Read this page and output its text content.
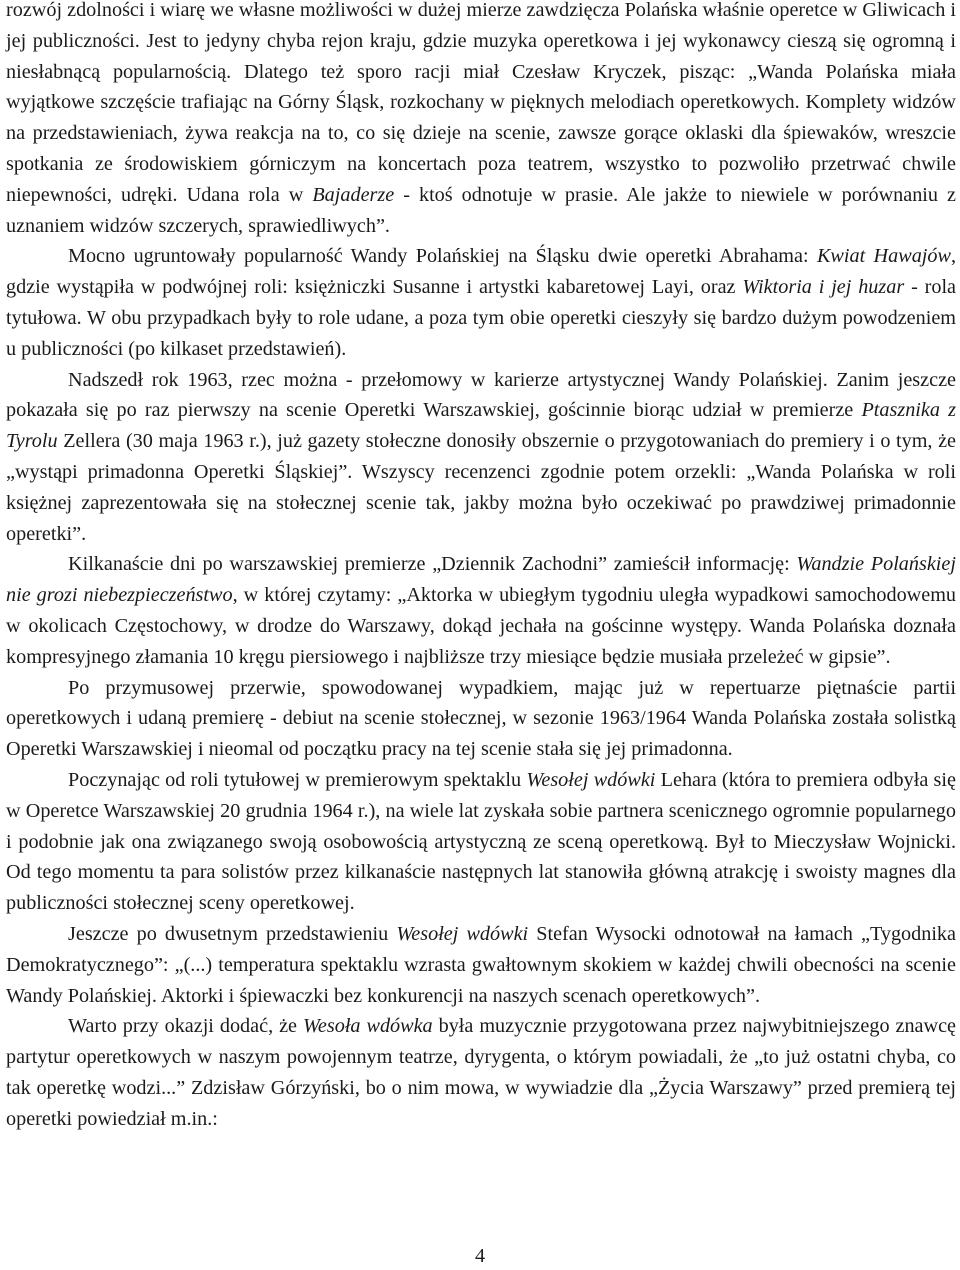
rozwój zdolności i wiarę we własne możliwości w dużej mierze zawdzięcza Polańska właśnie operetce w Gliwicach i jej publiczności. Jest to jedyny chyba rejon kraju, gdzie muzyka operetkowa i jej wykonawcy cieszą się ogromną i niesłabnącą popularnością. Dlatego też sporo racji miał Czesław Kryczek, pisząc: „Wanda Polańska miała wyjątkowe szczęście trafiając na Górny Śląsk, rozkochany w pięknych melodiach operetkowych. Komplety widzów na przedstawieniach, żywa reakcja na to, co się dzieje na scenie, zawsze gorące oklaski dla śpiewaków, wreszcie spotkania ze środowiskiem górniczym na koncertach poza teatrem, wszystko to pozwoliło przetrwać chwile niepewności, udręki. Udana rola w Bajaderze - ktoś odnotuje w prasie. Ale jakże to niewiele w porównaniu z uznaniem widzów szczerych, sprawiedliwych”.

Mocno ugruntowały popularność Wandy Polańskiej na Śląsku dwie operetki Abrahama: Kwiat Hawajów, gdzie wystąpiła w podwójnej roli: księżniczki Susanne i artystki kabaretowej Layi, oraz Wiktoria i jej huzar - rola tytułowa. W obu przypadkach były to role udane, a poza tym obie operetki cieszyły się bardzo dużym powodzeniem u publiczności (po kilkaset przedstawień).

Nadszedł rok 1963, rzec można - przełomowy w karierze artystycznej Wandy Polańskiej. Zanim jeszcze pokazała się po raz pierwszy na scenie Operetki Warszawskiej, gościnnie biorąc udział w premierze Ptasznika z Tyrolu Zellera (30 maja 1963 r.), już gazety stołeczne donosiły obszernie o przygotowaniach do premiery i o tym, że „wystąpi primadonna Operetki Śląskiej”. Wszyscy recenzenci zgodnie potem orzekli: „Wanda Polańska w roli księżnej zaprezentowała się na stołecznej scenie tak, jakby można było oczekiwać po prawdziwej primadonnie operetki”.

Kilkanaście dni po warszawskiej premierze „Dziennik Zachodni” zamieścił informację: Wandzie Polańskiej nie grozi niebezpieczeństwo, w której czytamy: „Aktorka w ubiegłym tygodniu uległa wypadkowi samochodowemu w okolicach Częstochowy, w drodze do Warszawy, dokąd jechała na gościnne występy. Wanda Polańska doznała kompresyjnego złamania 10 kręgu piersiowego i najbliższe trzy miesiące będzie musiała przeleżeć w gipsie”.

Po przymusowej przerwie, spowodowanej wypadkiem, mając już w repertuarze piętnaście partii operetkowych i udaną premierę - debiut na scenie stołecznej, w sezonie 1963/1964 Wanda Polańska została solistką Operetki Warszawskiej i nieomal od początku pracy na tej scenie stała się jej primadonna.

Poczynając od roli tytułowej w premierowym spektaklu Wesołej wdówki Lehara (która to premiera odbyła się w Operetce Warszawskiej 20 grudnia 1964 r.), na wiele lat zyskała sobie partnera scenicznego ogromnie popularnego i podobnie jak ona związanego swoją osobowością artystyczną ze sceną operetkową. Był to Mieczysław Wojnicki. Od tego momentu ta para solistów przez kilkanaście następnych lat stanowiła główną atrakcję i swoisty magnes dla publiczności stołecznej sceny operetkowej.

Jeszcze po dwusetnym przedstawieniu Wesołej wdówki Stefan Wysocki odnotował na łamach „Tygodnika Demokratycznego”: „(...) temperatura spektaklu wzrasta gwałtownym skokiem w każdej chwili obecności na scenie Wandy Polańskiej. Aktorki i śpiewaczki bez konkurencji na naszych scenach operetkowych”.

Warto przy okazji dodać, że Wesoła wdówka była muzycznie przygotowana przez najwybitniejszego znawcę partytur operetkowych w naszym powojennym teatrze, dyrygenta, o którym powiadali, że „to już ostatni chyba, co tak operetkę wodzi...” Zdzisław Górzyński, bo o nim mowa, w wywiadzie dla „Życia Warszawy” przed premierą tej operetki powiedział m.in.:

4
